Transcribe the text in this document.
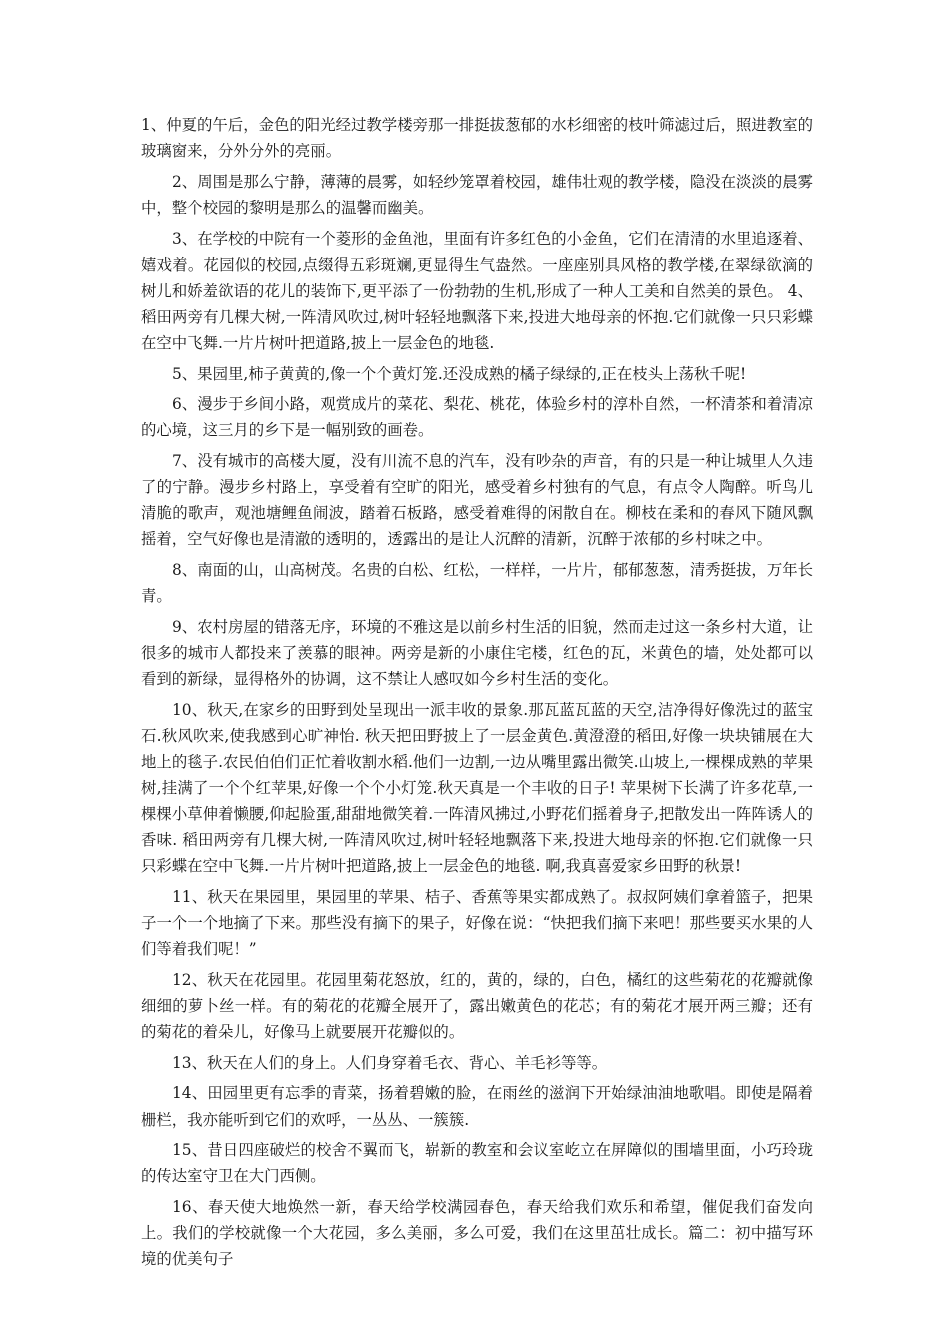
1、仲夏的午后，金色的阳光经过教学楼旁那一排挺拔葱郁的水杉细密的枝叶筛滤过后，照进教室的玻璃窗来，分外分外的亮丽。

2、周围是那么宁静，薄薄的晨雾，如轻纱笼罩着校园，雄伟壮观的教学楼，隐没在淡淡的晨雾中，整个校园的黎明是那么的温馨而幽美。

3、在学校的中院有一个菱形的金鱼池，里面有许多红色的小金鱼，它们在清清的水里追逐着、嬉戏着。花园似的校园,点缀得五彩斑斓,更显得生气盎然。一座座别具风格的教学楼,在翠绿欲滴的树儿和娇羞欲语的花儿的装饰下,更平添了一份勃勃的生机,形成了一种人工美和自然美的景色。 4、稻田两旁有几棵大树,一阵清风吹过,树叶轻轻地飘落下来,投进大地母亲的怀抱.它们就像一只只彩蝶在空中飞舞.一片片树叶把道路,披上一层金色的地毯.

5、果园里,柿子黄黄的,像一个个黄灯笼.还没成熟的橘子绿绿的,正在枝头上荡秋千呢!

6、漫步于乡间小路，观赏成片的菜花、梨花、桃花，体验乡村的淳朴自然，一杯清茶和着清凉的心境，这三月的乡下是一幅别致的画卷。

7、没有城市的高楼大厦，没有川流不息的汽车，没有吵杂的声音，有的只是一种让城里人久违了的宁静。漫步乡村路上，享受着有空旷的阳光，感受着乡村独有的气息，有点令人陶醉。听鸟儿清脆的歌声，观池塘鲤鱼闹波，踏着石板路，感受着难得的闲散自在。柳枝在柔和的春风下随风飘摇着，空气好像也是清澈的透明的，透露出的是让人沉醉的清新，沉醉于浓郁的乡村味之中。

8、南面的山，山高树茂。名贵的白松、红松，一样样，一片片，郁郁葱葱，清秀挺拔，万年长青。

9、农村房屋的错落无序，环境的不雅这是以前乡村生活的旧貌，然而走过这一条乡村大道，让很多的城市人都投来了羡慕的眼神。两旁是新的小康住宅楼，红色的瓦，米黄色的墙，处处都可以看到的新绿，显得格外的协调，这不禁让人感叹如今乡村生活的变化。

10、秋天,在家乡的田野到处呈现出一派丰收的景象.那瓦蓝瓦蓝的天空,洁净得好像洗过的蓝宝石.秋风吹来,使我感到心旷神怡. 秋天把田野披上了一层金黄色.黄澄澄的稻田,好像一块块铺展在大地上的毯子.农民伯伯们正忙着收割水稻.他们一边割,一边从嘴里露出微笑.山坡上,一棵棵成熟的苹果树,挂满了一个个红苹果,好像一个个小灯笼.秋天真是一个丰收的日子! 苹果树下长满了许多花草,一棵棵小草伸着懒腰,仰起脸蛋,甜甜地微笑着.一阵清风拂过,小野花们摇着身子,把散发出一阵阵诱人的香味. 稻田两旁有几棵大树,一阵清风吹过,树叶轻轻地飘落下来,投进大地母亲的怀抱.它们就像一只只彩蝶在空中飞舞.一片片树叶把道路,披上一层金色的地毯. 啊,我真喜爱家乡田野的秋景!

11、秋天在果园里，果园里的苹果、桔子、香蕉等果实都成熟了。叔叔阿姨们拿着篮子，把果子一个一个地摘了下来。那些没有摘下的果子，好像在说：“快把我们摘下来吧！那些要买水果的人们等着我们呢！”

12、秋天在花园里。花园里菊花怒放，红的，黄的，绿的，白色，橘红的这些菊花的花瓣就像细细的萝卜丝一样。有的菊花的花瓣全展开了，露出嫩黄色的花芯；有的菊花才展开两三瓣；还有的菊花的着朵儿，好像马上就要展开花瓣似的。

13、秋天在人们的身上。人们身穿着毛衣、背心、羊毛衫等等。

14、田园里更有忘季的青菜，扬着碧嫩的脸，在雨丝的滋润下开始绿油油地歌唱。即使是隔着栅栏，我亦能听到它们的欢呼，一丛丛、一簇簇.

15、昔日四座破烂的校舍不翼而飞，崭新的教室和会议室屹立在屏障似的围墙里面，小巧玲珑的传达室守卫在大门西侧。

16、春天使大地焕然一新，春天给学校满园春色，春天给我们欢乐和希望，催促我们奋发向上。我们的学校就像一个大花园，多么美丽，多么可爱，我们在这里茁壮成长。篇二：初中描写环境的优美句子
